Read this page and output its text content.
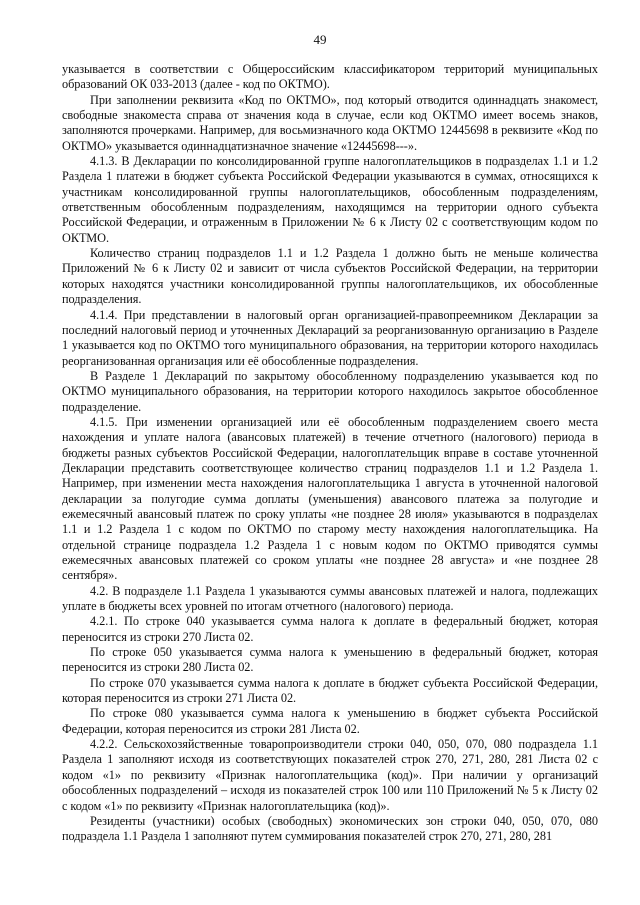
49

указывается в соответствии с Общероссийским классификатором территорий муниципальных образований ОК 033-2013 (далее - код по ОКТМО).

При заполнении реквизита «Код по ОКТМО», под который отводится одиннадцать знакомест, свободные знакоместа справа от значения кода в случае, если код ОКТМО имеет восемь знаков, заполняются прочерками. Например, для восьмизначного кода ОКТМО 12445698 в реквизите «Код по ОКТМО» указывается одиннадцатизначное значение «12445698---».

4.1.3. В Декларации по консолидированной группе налогоплательщиков в подразделах 1.1 и 1.2 Раздела 1 платежи в бюджет субъекта Российской Федерации указываются в суммах, относящихся к участникам консолидированной группы налогоплательщиков, обособленным подразделениям, ответственным обособленным подразделениям, находящимся на территории одного субъекта Российской Федерации, и отраженным в Приложении № 6 к Листу 02 с соответствующим кодом по ОКТМО.

Количество страниц подразделов 1.1 и 1.2 Раздела 1 должно быть не меньше количества Приложений № 6 к Листу 02 и зависит от числа субъектов Российской Федерации, на территории которых находятся участники консолидированной группы налогоплательщиков, их обособленные подразделения.

4.1.4. При представлении в налоговый орган организацией-правопреемником Декларации за последний налоговый период и уточненных Деклараций за реорганизованную организацию в Разделе 1 указывается код по ОКТМО того муниципального образования, на территории которого находилась реорганизованная организация или её обособленные подразделения.

В Разделе 1 Деклараций по закрытому обособленному подразделению указывается код по ОКТМО муниципального образования, на территории которого находилось закрытое обособленное подразделение.

4.1.5. При изменении организацией или её обособленным подразделением своего места нахождения и уплате налога (авансовых платежей) в течение отчетного (налогового) периода в бюджеты разных субъектов Российской Федерации, налогоплательщик вправе в составе уточненной Декларации представить соответствующее количество страниц подразделов 1.1 и 1.2 Раздела 1. Например, при изменении места нахождения налогоплательщика 1 августа в уточненной налоговой декларации за полугодие сумма доплаты (уменьшения) авансового платежа за полугодие и ежемесячный авансовый платеж по сроку уплаты «не позднее 28 июля» указываются в подразделах 1.1 и 1.2 Раздела 1 с кодом по ОКТМО по старому месту нахождения налогоплательщика. На отдельной странице подраздела 1.2 Раздела 1 с новым кодом по ОКТМО приводятся суммы ежемесячных авансовых платежей со сроком уплаты «не позднее 28 августа» и «не позднее 28 сентября».

4.2. В подразделе 1.1 Раздела 1 указываются суммы авансовых платежей и налога, подлежащих уплате в бюджеты всех уровней по итогам отчетного (налогового) периода.

4.2.1. По строке 040 указывается сумма налога к доплате в федеральный бюджет, которая переносится из строки 270 Листа 02.

По строке 050 указывается сумма налога к уменьшению в федеральный бюджет, которая переносится из строки 280 Листа 02.

По строке 070 указывается сумма налога к доплате в бюджет субъекта Российской Федерации, которая переносится из строки 271 Листа 02.

По строке 080 указывается сумма налога к уменьшению в бюджет субъекта Российской Федерации, которая переносится из строки 281 Листа 02.

4.2.2. Сельскохозяйственные товаропроизводители строки 040, 050, 070, 080 подраздела 1.1 Раздела 1 заполняют исходя из соответствующих показателей строк 270, 271, 280, 281 Листа 02 с кодом «1» по реквизиту «Признак налогоплательщика (код)». При наличии у организаций обособленных подразделений – исходя из показателей строк 100 или 110 Приложений № 5 к Листу 02 с кодом «1» по реквизиту «Признак налогоплательщика (код)».

Резиденты (участники) особых (свободных) экономических зон строки 040, 050, 070, 080 подраздела 1.1 Раздела 1 заполняют путем суммирования показателей строк 270, 271, 280, 281
